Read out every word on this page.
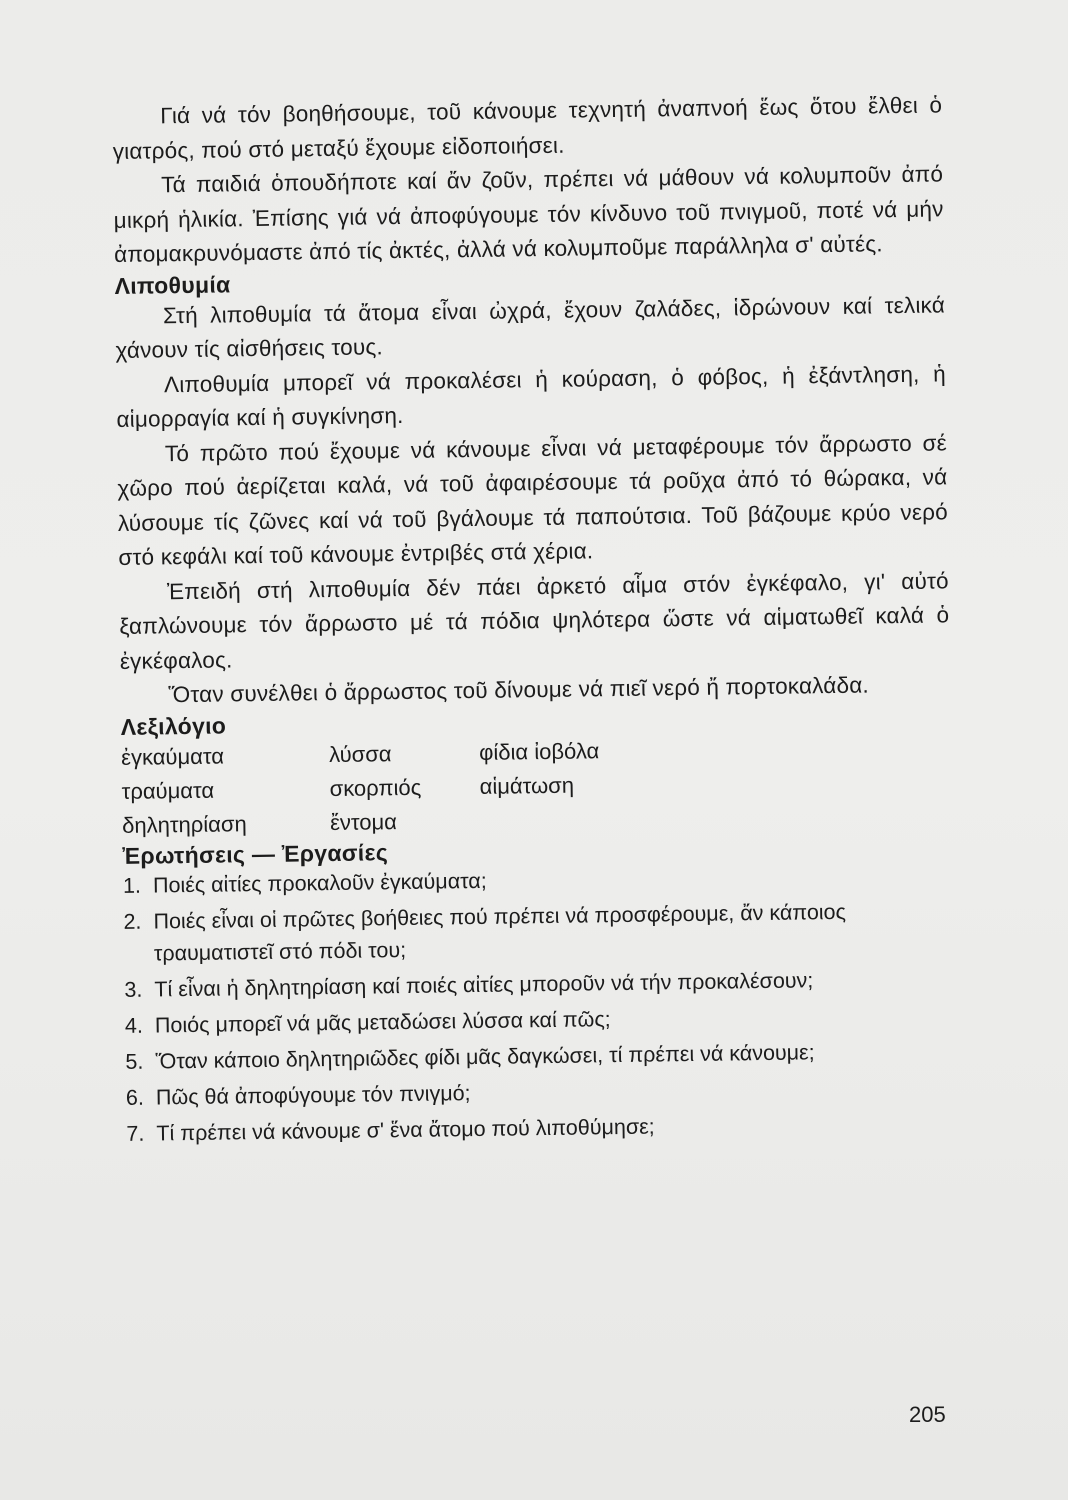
Γιά νά τόν βοηθήσουμε, τοῦ κάνουμε τεχνητή ἀναπνοή ἕως ὅτου ἔλθει ὁ γιατρός, πού στό μεταξύ ἔχουμε εἰδοποιήσει.

Τά παιδιά ὁπουδήποτε καί ἄν ζοῦν, πρέπει νά μάθουν νά κολυμποῦν ἀπό μικρή ἡλικία. Ἐπίσης γιά νά ἀποφύγουμε τόν κίνδυνο τοῦ πνιγμοῦ, ποτέ νά μήν ἀπομακρυνόμαστε ἀπό τίς ἀκτές, ἀλλά νά κολυμποῦμε παράλληλα σ' αὐτές.

Λιποθυμία

Στή λιποθυμία τά ἄτομα εἶναι ὠχρά, ἔχουν ζαλάδες, ἱδρώνουν καί τελικά χάνουν τίς αἰσθήσεις τους.

Λιποθυμία μπορεῖ νά προκαλέσει ἡ κούραση, ὁ φόβος, ἡ ἐξάντληση, ἡ αἱμορραγία καί ἡ συγκίνηση.

Τό πρῶτο πού ἔχουμε νά κάνουμε εἶναι νά μεταφέρουμε τόν ἄρρωστο σέ χῶρο πού ἀερίζεται καλά, νά τοῦ ἀφαιρέσουμε τά ροῦχα ἀπό τό θώρακα, νά λύσουμε τίς ζῶνες καί νά τοῦ βγάλουμε τά παπούτσια. Τοῦ βάζουμε κρύο νερό στό κεφάλι καί τοῦ κάνουμε ἐντριβές στά χέρια.

Ἐπειδή στή λιποθυμία δέν πάει ἀρκετό αἷμα στόν ἐγκέφαλο, γι' αὐτό ξαπλώνουμε τόν ἄρρωστο μέ τά πόδια ψηλότερα ὥστε νά αἱματωθεῖ καλά ὁ ἐγκέφαλος.

Ὅταν συνέλθει ὁ ἄρρωστος τοῦ δίνουμε νά πιεῖ νερό ἤ πορτοκαλάδα.

Λεξιλόγιο
ἐγκαύματα
τραύματα
δηλητηρίαση
λύσσα
σκορπιός
ἔντομα
φίδια ἰοβόλα
αἱμάτωση
Ἐρωτήσεις — Ἐργασίες
1. Ποιές αἰτίες προκαλοῦν ἐγκαύματα;
2. Ποιές εἶναι οἱ πρῶτες βοήθειες πού πρέπει νά προσφέρουμε, ἄν κάποιος τραυματιστεῖ στό πόδι του;
3. Τί εἶναι ἡ δηλητηρίαση καί ποιές αἰτίες μποροῦν νά τήν προκαλέσουν;
4. Ποιός μπορεῖ νά μᾶς μεταδώσει λύσσα καί πῶς;
5. Ὅταν κάποιο δηλητηριῶδες φίδι μᾶς δαγκώσει, τί πρέπει νά κάνουμε;
6. Πῶς θά ἀποφύγουμε τόν πνιγμό;
7. Τί πρέπει νά κάνουμε σ' ἕνα ἄτομο πού λιποθύμησε;
205
